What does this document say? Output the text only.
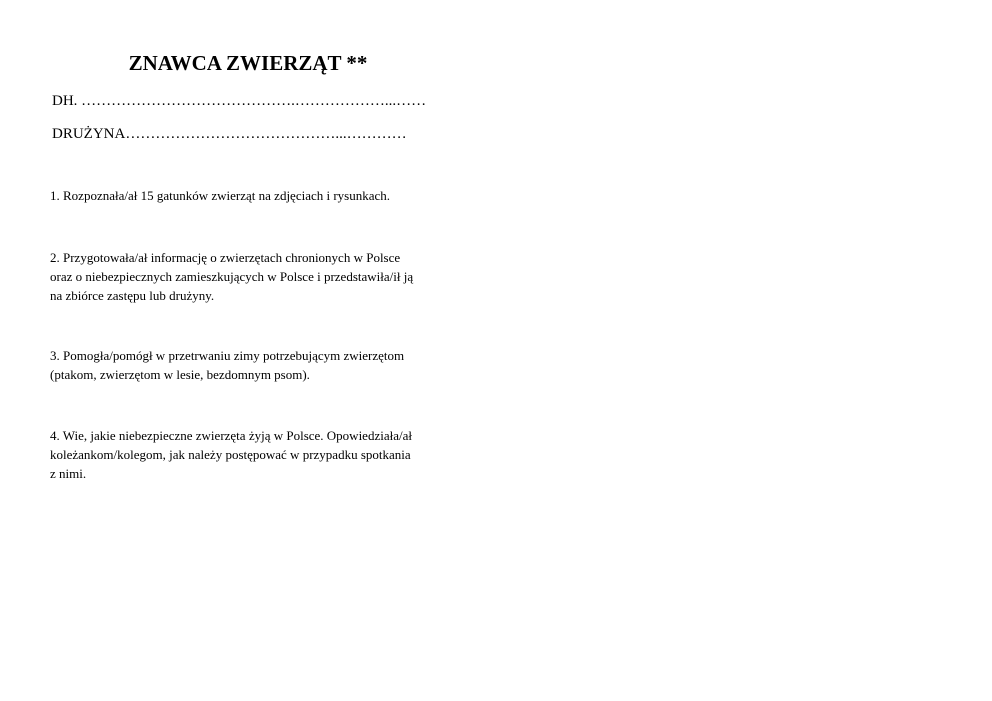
ZNAWCA ZWIERZĄT **

DH. …………………………………….………………...……

DRUŻYNA……………………………………...…………

1. Rozpoznała/ał 15 gatunków zwierząt na zdjęciach i rysunkach.
2. Przygotowała/ał informację o zwierzętach chronionych w Polsce
oraz o niebezpiecznych zamieszkujących w Polsce i przedstawiła/ił ją
na zbiórce zastępu lub drużyny.
3. Pomogła/pomógł w przetrwaniu zimy potrzebującym zwierzętom
(ptakom, zwierzętom w lesie, bezdomnym psom).
4. Wie, jakie niebezpieczne zwierzęta żyją w Polsce. Opowiedziała/ał
koleżankom/kolegom, jak należy postępować w przypadku spotkania
z nimi.
